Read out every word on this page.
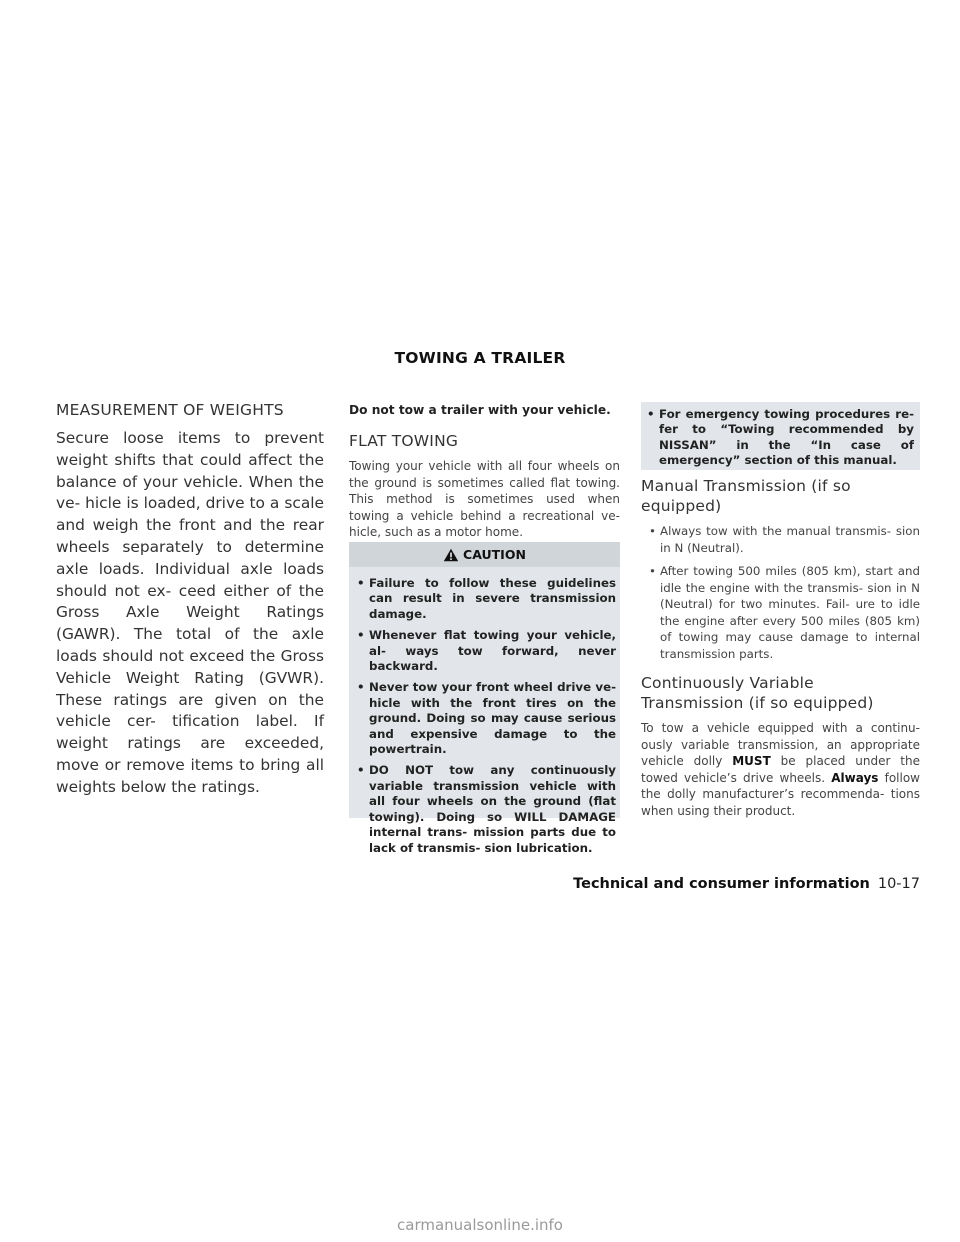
TOWING A TRAILER
MEASUREMENT OF WEIGHTS

Secure loose items to prevent weight shifts that could affect the balance of your vehicle. When the ve- hicle is loaded, drive to a scale and weigh the front and the rear wheels separately to determine axle loads. Individual axle loads should not ex- ceed either of the Gross Axle Weight Ratings (GAWR). The total of the axle loads should not exceed the Gross Vehicle Weight Rating (GVWR). These ratings are given on the vehicle cer- tification label. If weight ratings are exceeded, move or remove items to bring all weights below the ratings.

Do not tow a trailer with your vehicle.

FLAT TOWING

Towing your vehicle with all four wheels on the ground is sometimes called flat towing. This method is sometimes used when towing a vehicle behind a recreational ve- hicle, such as a motor home.

CAUTION
• Failure to follow these guidelines can result in severe transmission damage.
• Whenever flat towing your vehicle, al- ways tow forward, never backward.
• Never tow your front wheel drive ve- hicle with the front tires on the ground. Doing so may cause serious and expensive damage to the powertrain.
• DO NOT tow any continuously variable transmission vehicle with all four wheels on the ground (flat towing). Doing so WILL DAMAGE internal trans- mission parts due to lack of transmis- sion lubrication.
• For emergency towing procedures re- fer to “Towing recommended by NISSAN” in the “In case of emergency” section of this manual.
Manual Transmission (if so equipped)
• Always tow with the manual transmis- sion in N (Neutral).
• After towing 500 miles (805 km), start and idle the engine with the transmis- sion in N (Neutral) for two minutes. Fail- ure to idle the engine after every 500 miles (805 km) of towing may cause damage to internal transmission parts.
Continuously Variable Transmission (if so equipped)

To tow a vehicle equipped with a continu- ously variable transmission, an appropriate vehicle dolly MUST be placed under the towed vehicle’s drive wheels. Always follow the dolly manufacturer’s recommenda- tions when using their product.

Technical and consumer information 10-17
carmanualsonline.info
